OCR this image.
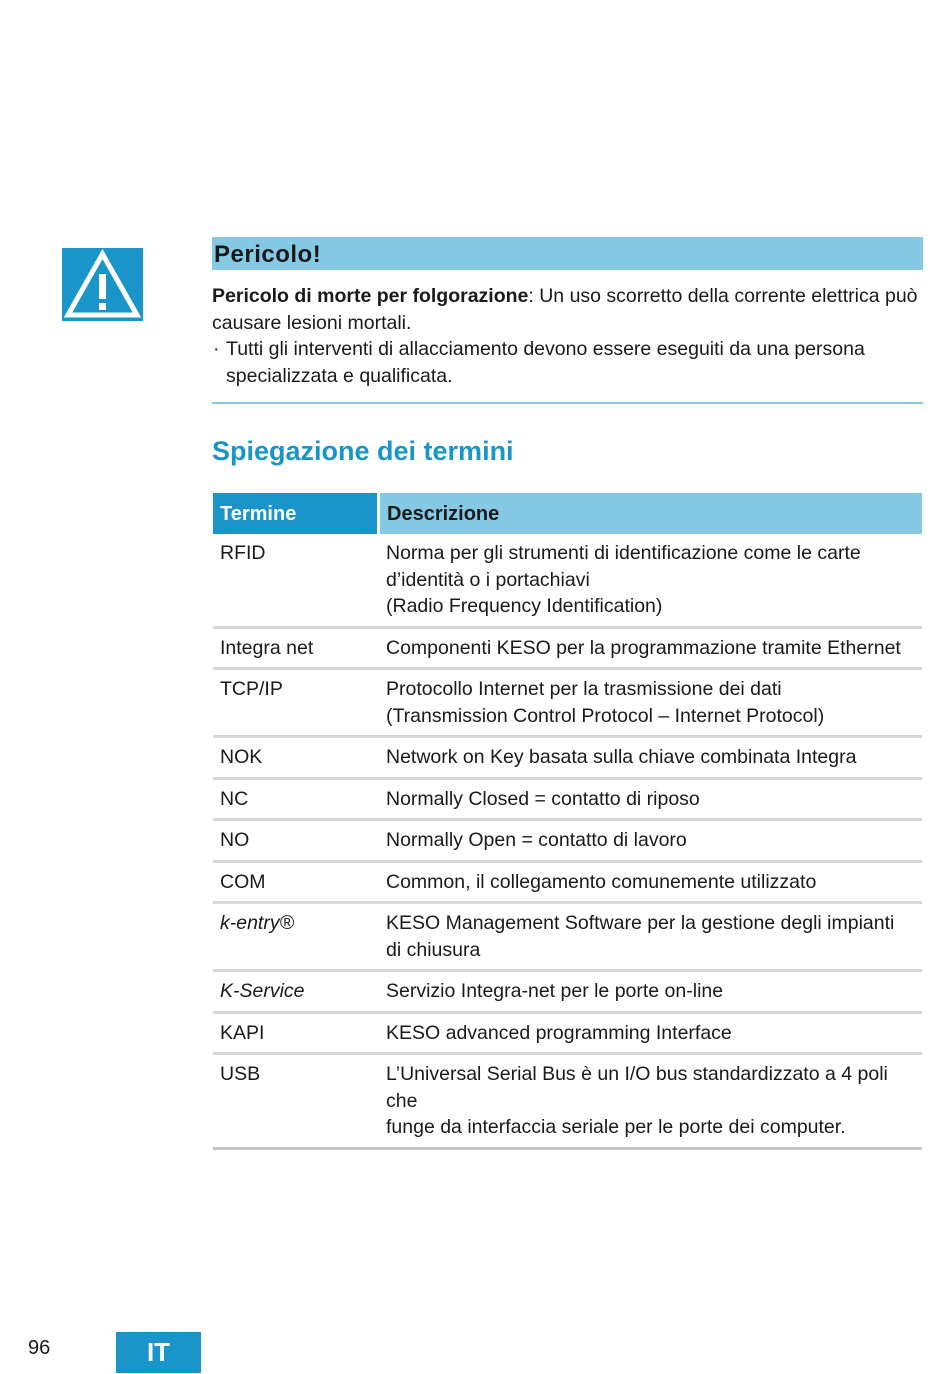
Pericolo!

Pericolo di morte per folgorazione: Un uso scorretto della corrente elettrica può causare lesioni mortali.

· Tutti gli interventi di allacciamento devono essere eseguiti da una persona specializzata e qualificata.

Spiegazione dei termini
Termine	Descrizione
RFID	Norma per gli strumenti di identificazione come le carte
d’identità o i portachiavi
(Radio Frequency Identification)
Integra net	Componenti KESO per la programmazione tramite Ethernet
TCP/IP	Protocollo Internet per la trasmissione dei dati
(Transmission Control Protocol – Internet Protocol)
NOK	Network on Key basata sulla chiave combinata Integra
NC	Normally Closed = contatto di riposo
NO	Normally Open = contatto di lavoro
COM	Common, il collegamento comunemente utilizzato
k-entry®	KESO Management Software per la gestione degli impianti
di chiusura
K-Service	Servizio Integra-net per le porte on-line
KAPI	KESO advanced programming Interface
USB	L’Universal Serial Bus è un I/O bus standardizzato a 4 poli che
funge da interfaccia seriale per le porte dei computer.
96	IT
